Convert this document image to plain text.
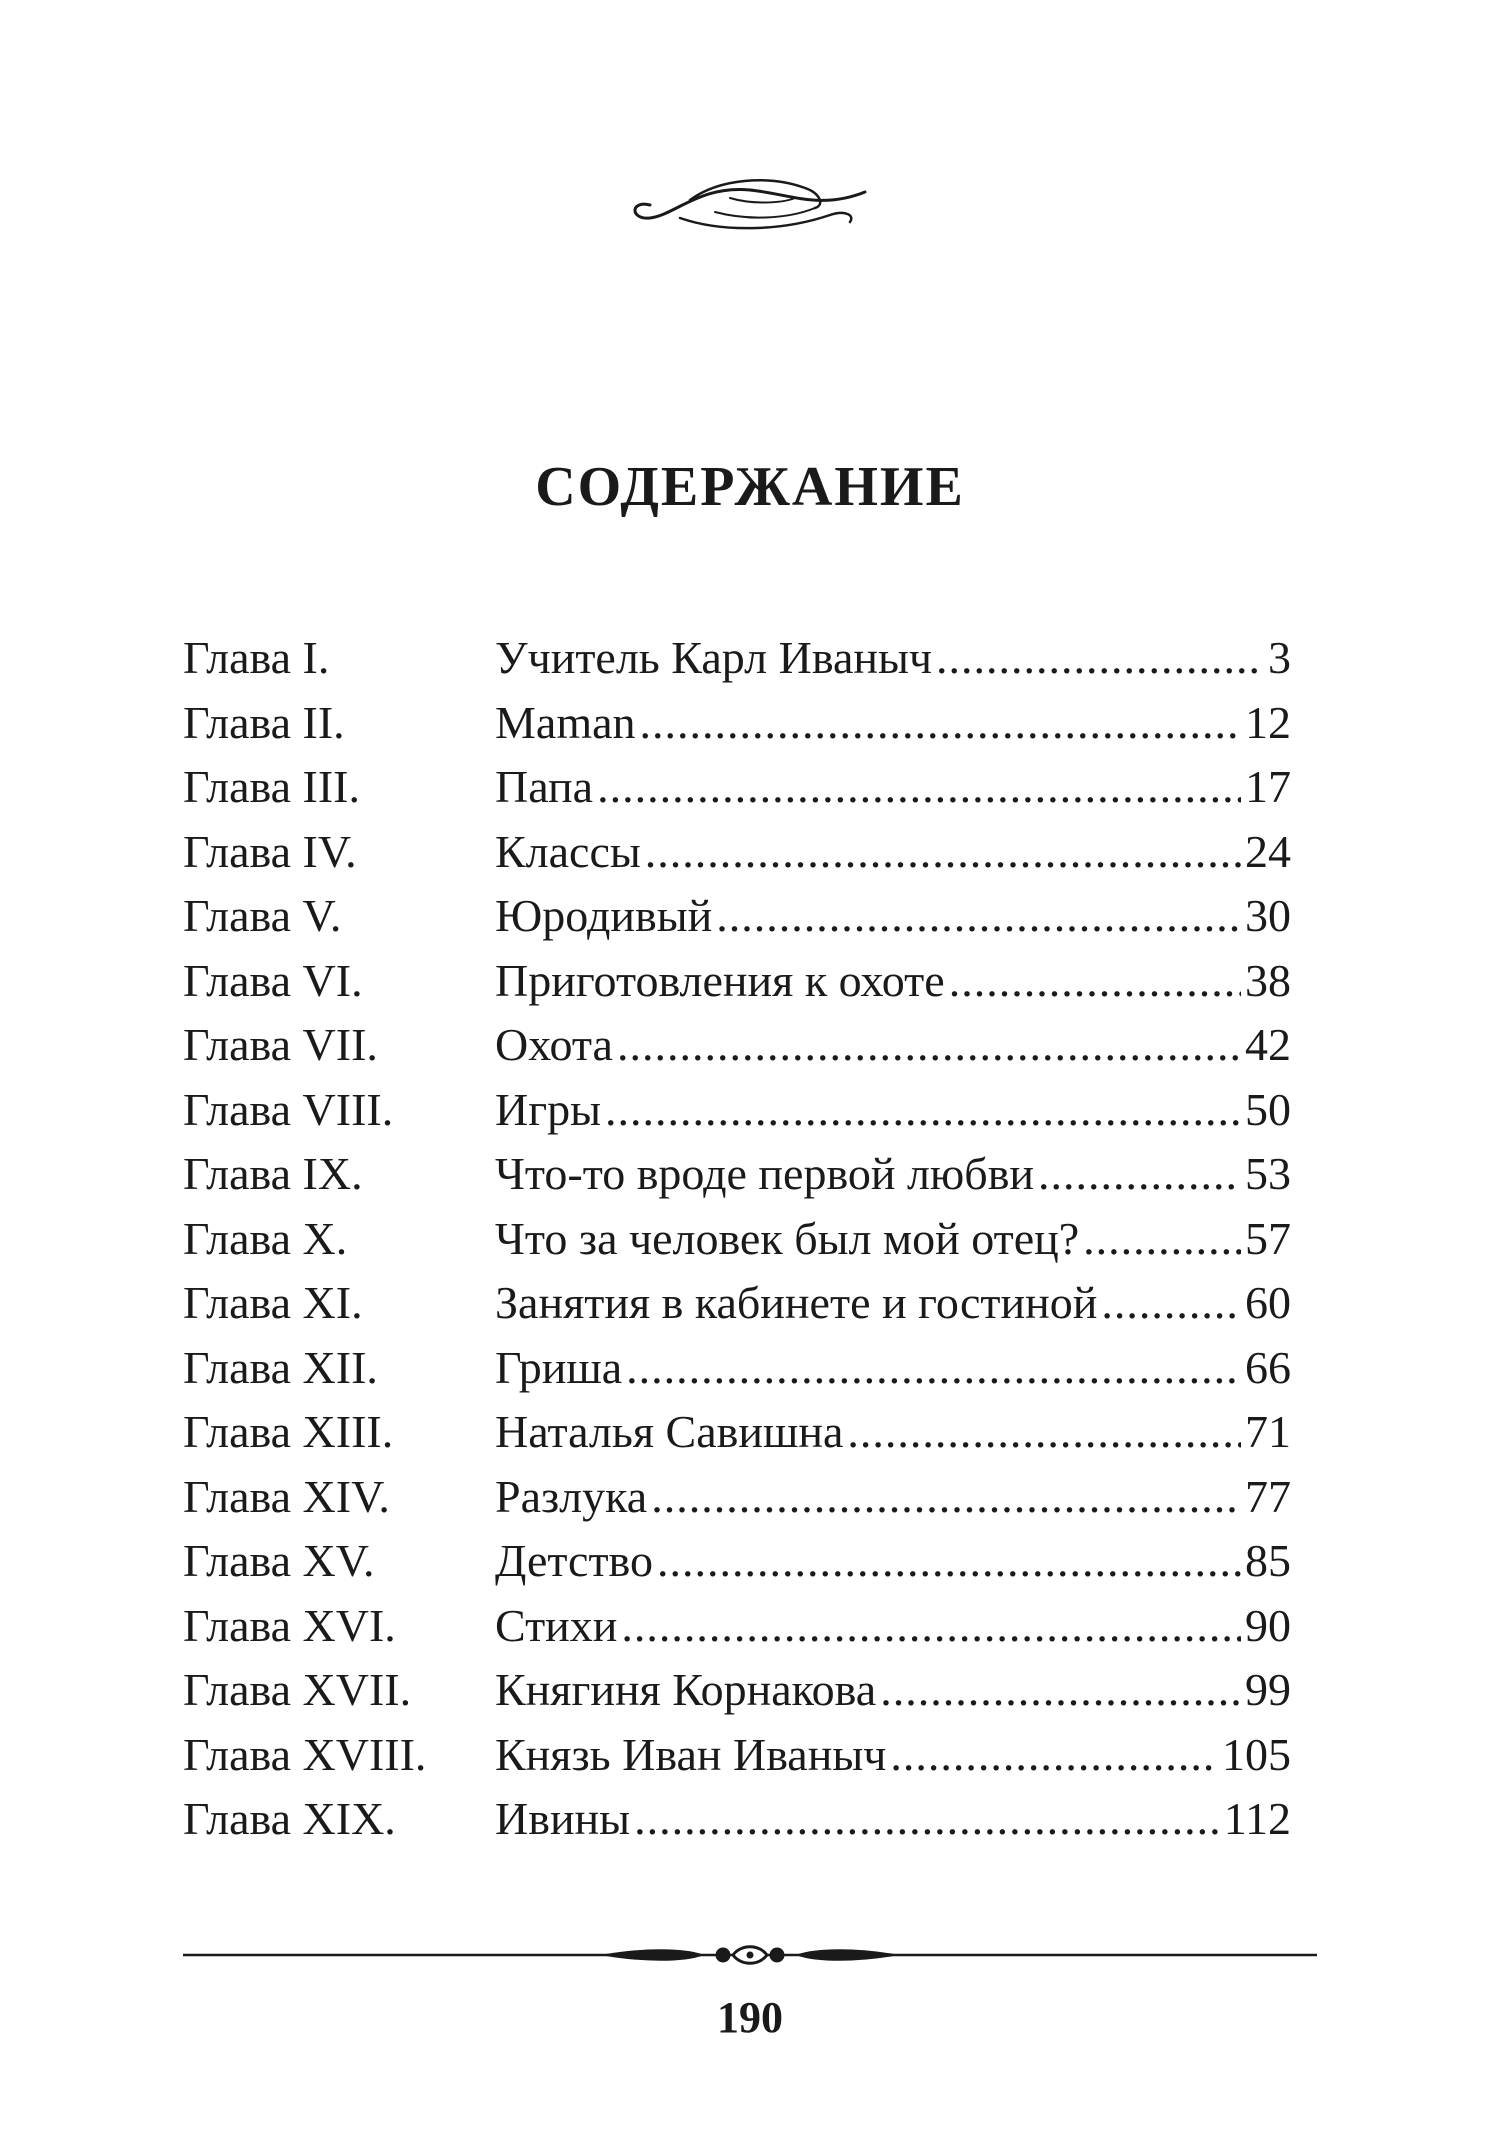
СОДЕРЖАНИЕ
Глава I.	Учитель Карл Иваныч .....	3
Глава II.	Maman .....	12
Глава III.	Папа .....	17
Глава IV.	Классы .....	24
Глава V.	Юродивый .....	30
Глава VI.	Приготовления к охоте .....	38
Глава VII.	Охота .....	42
Глава VIII.	Игры .....	50
Глава IX.	Что-то вроде первой любви .....	53
Глава X.	Что за человек был мой отец? .....	57
Глава XI.	Занятия в кабинете и гостиной .....	60
Глава XII.	Гриша .....	66
Глава XIII.	Наталья Савишна .....	71
Глава XIV.	Разлука .....	77
Глава XV.	Детство .....	85
Глава XVI.	Стихи .....	90
Глава XVII.	Княгиня Корнакова .....	99
Глава XVIII.	Князь Иван Иваныч .....	105
Глава XIX.	Ивины .....	112
190
